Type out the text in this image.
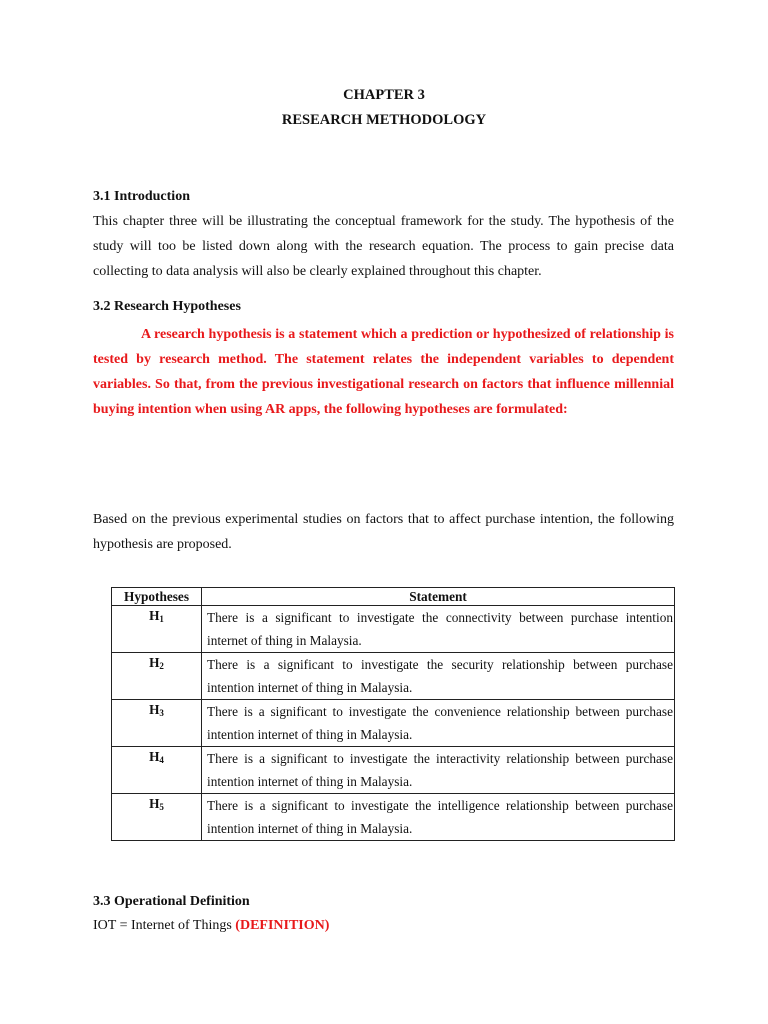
CHAPTER 3
RESEARCH METHODOLOGY
3.1 Introduction

This chapter three will be illustrating the conceptual framework for the study. The hypothesis of the study will too be listed down along with the research equation. The process to gain precise data collecting to data analysis will also be clearly explained throughout this chapter.

3.2 Research Hypotheses

A research hypothesis is a statement which a prediction or hypothesized of relationship is tested by research method. The statement relates the independent variables to dependent variables. So that, from the previous investigational research on factors that influence millennial buying intention when using AR apps, the following hypotheses are formulated:

Based on the previous experimental studies on factors that to affect purchase intention, the following hypothesis are proposed.

Hypotheses	Statement
$H_1$	There is a significant to investigate the connectivity between purchase intention internet of thing in Malaysia.
$H_2$	There is a significant to investigate the security relationship between purchase intention internet of thing in Malaysia.
$H_3$	There is a significant to investigate the convenience relationship between purchase intention internet of thing in Malaysia.
$H_4$	There is a significant to investigate the interactivity relationship between purchase intention internet of thing in Malaysia.
$H_5$	There is a significant to investigate the intelligence relationship between purchase intention internet of thing in Malaysia.
3.3 Operational Definition
IOT = Internet of Things (DEFINITION)
